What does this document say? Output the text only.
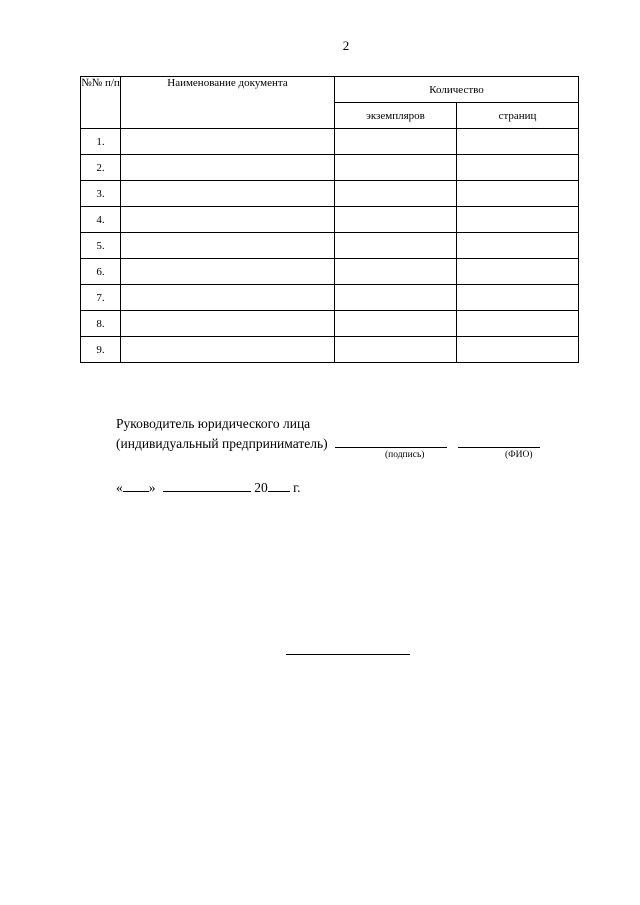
2
№№ п/п	Наименование документа	Количество	
		экземпляров	страниц
1.			
2.			
3.			
4.			
5.			
6.			
7.			
8.			
9.			
Руководитель юридического лица
(индивидуальный предприниматель)
(подпись)	(ФИО)
« »	20 г.
